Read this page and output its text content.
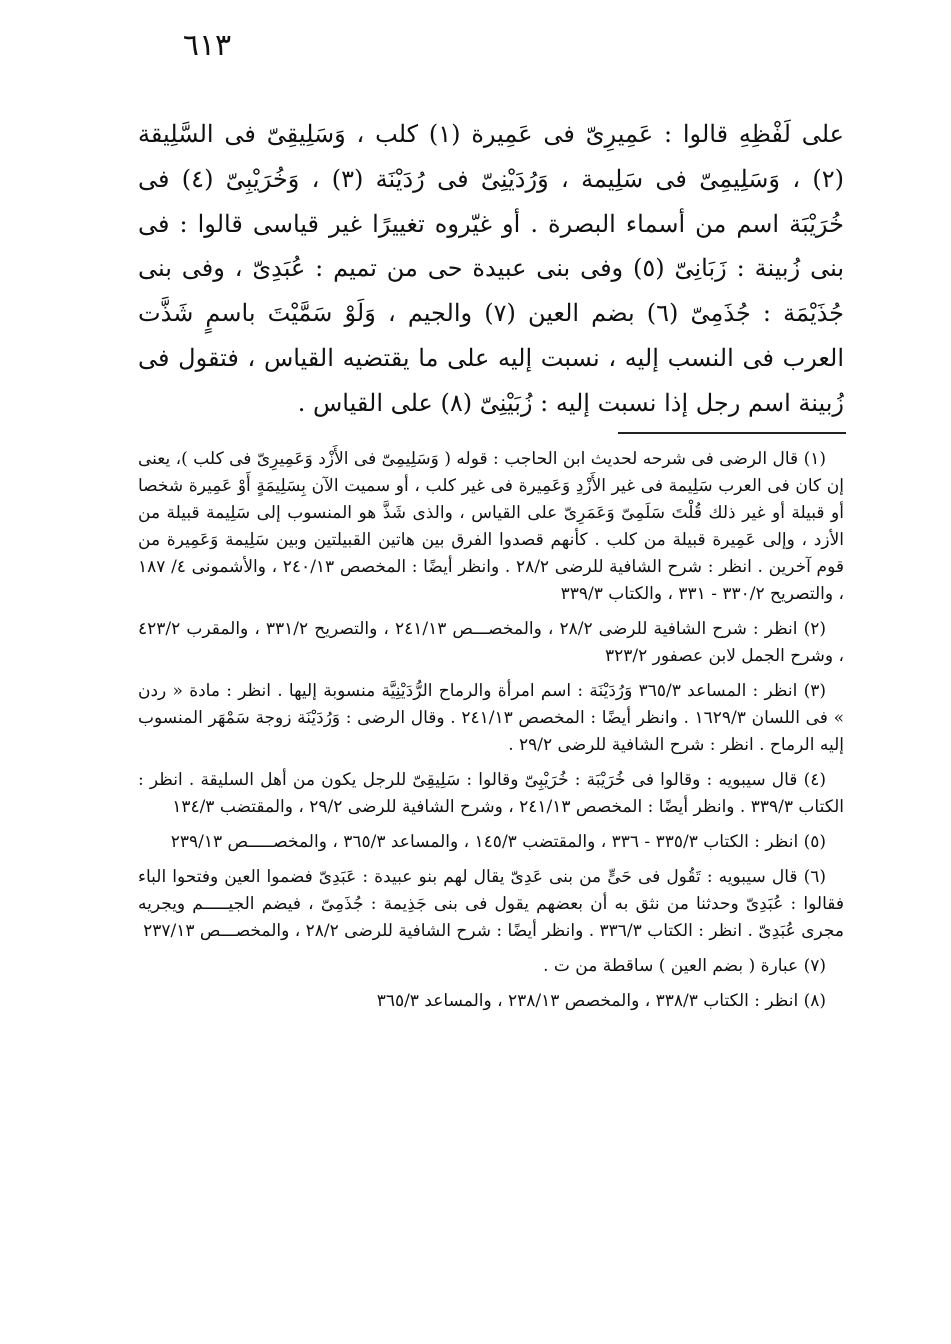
٦١٣

على لَفْظِهِ قالوا : عَمِيرِىّ فى عَمِيرة (١) كلب ، وَسَلِيقِىّ فى السَّلِيقة (٢) ، وَسَلِيمِىّ فى سَلِيمة ، وَرُدَيْنِىّ فى رُدَيْنَة (٣) ، وَخُرَيْبِىّ (٤) فى خُرَيْبَة اسم من أسماء البصرة . أو غيّروه تغييرًا غير قياسى قالوا : فى بنى زُبينة : زَبَانِىّ (٥) وفى بنى عبيدة حى من تميم : عُبَدِىّ ، وفى بنى جُذَيْمَة : جُذَمِىّ (٦) بضم العين (٧) والجيم ، وَلَوْ سَمَّيْتَ باسمٍ شَذَّت العرب فى النسب إليه ، نسبت إليه على ما يقتضيه القياس ، فتقول فى زُبينة اسم رجل إذا نسبت إليه : زُبَيْنِىّ (٨) على القياس .

(١) قال الرضى فى شرحه لحديث ابن الحاجب : قوله ( وَسَلِيمِىّ فى الأَزْد وَعَمِيرِىّ فى كلب )، يعنى إن كان فى العرب سَلِيمة فى غير الأَزْدِ وَعَمِيرة فى غير كلب ، أو سميت الآن بِسَلِيمَةٍ أَوْ عَمِيرة شخصا أو قبيلة أو غير ذلك قُلْتَ سَلَمِىّ وَعَمَرِىّ على القياس ، والذى شَذَّ هو المنسوب إلى سَلِيمة قبيلة من الأزد ، وإلى عَمِيرة قبيلة من كلب . كأنهم قصدوا الفرق بين هاتين القبيلتين وبين سَلِيمة وَعَمِيرة من قوم آخرين . انظر : شرح الشافية للرضى ٢٨/٢ . وانظر أيضًا : المخصص ٢٤٠/١٣ ، والأشمونى ٤/ ١٨٧ ، والتصريح ٣٣٠/٢ - ٣٣١ ، والكتاب ٣٣٩/٣

(٢) انظر : شرح الشافية للرضى ٢٨/٢ ، والمخصـــص ٢٤١/١٣ ، والتصريح ٣٣١/٢ ، والمقرب ٤٢٣/٢ ، وشرح الجمل لابن عصفور ٣٢٣/٢

(٣) انظر : المساعد ٣٦٥/٣ وَرُدَيْنَة : اسم امرأة والرماح الرُّدَيْنِيَّة منسوبة إليها . انظر : مادة « ردن » فى اللسان ١٦٢٩/٣ . وانظر أيضًا : المخصص ٢٤١/١٣ . وقال الرضى : وَرُدَيْنَة زوجة سَمْهَر المنسوب إليه الرماح . انظر : شرح الشافية للرضى ٢٩/٢ .

(٤) قال سيبويه : وقالوا فى خُرَيْبَة : خُرَيْبِىّ وقالوا : سَلِيقِىّ للرجل يكون من أهل السليقة . انظر : الكتاب ٣٣٩/٣ . وانظر أيضًا : المخصص ٢٤١/١٣ ، وشرح الشافية للرضى ٢٩/٢ ، والمقتضب ١٣٤/٣

(٥) انظر : الكتاب ٣٣٥/٣ - ٣٣٦ ، والمقتضب ١٤٥/٣ ، والمساعد ٣٦٥/٣ ، والمخصـــــص ٢٣٩/١٣

(٦) قال سيبويه : تَقُول فى حَىٍّ من بنى عَدِىّ يقال لهم بنو عبيدة : عَبَدِىّ فضموا العين وفتحوا الباء فقالوا : عُبَدِىّ وحدثنا من نثق به أن بعضهم يقول فى بنى جَذِيمة : جُذَمِىّ ، فيضم الجيـــــم ويجريه مجرى عُبَدِىّ . انظر : الكتاب ٣٣٦/٣ . وانظر أيضًا : شرح الشافية للرضى ٢٨/٢ ، والمخصـــص ٢٣٧/١٣

(٧) عبارة ( بضم العين ) ساقطة من ت .

(٨) انظر : الكتاب ٣٣٨/٣ ، والمخصص ٢٣٨/١٣ ، والمساعد ٣٦٥/٣
